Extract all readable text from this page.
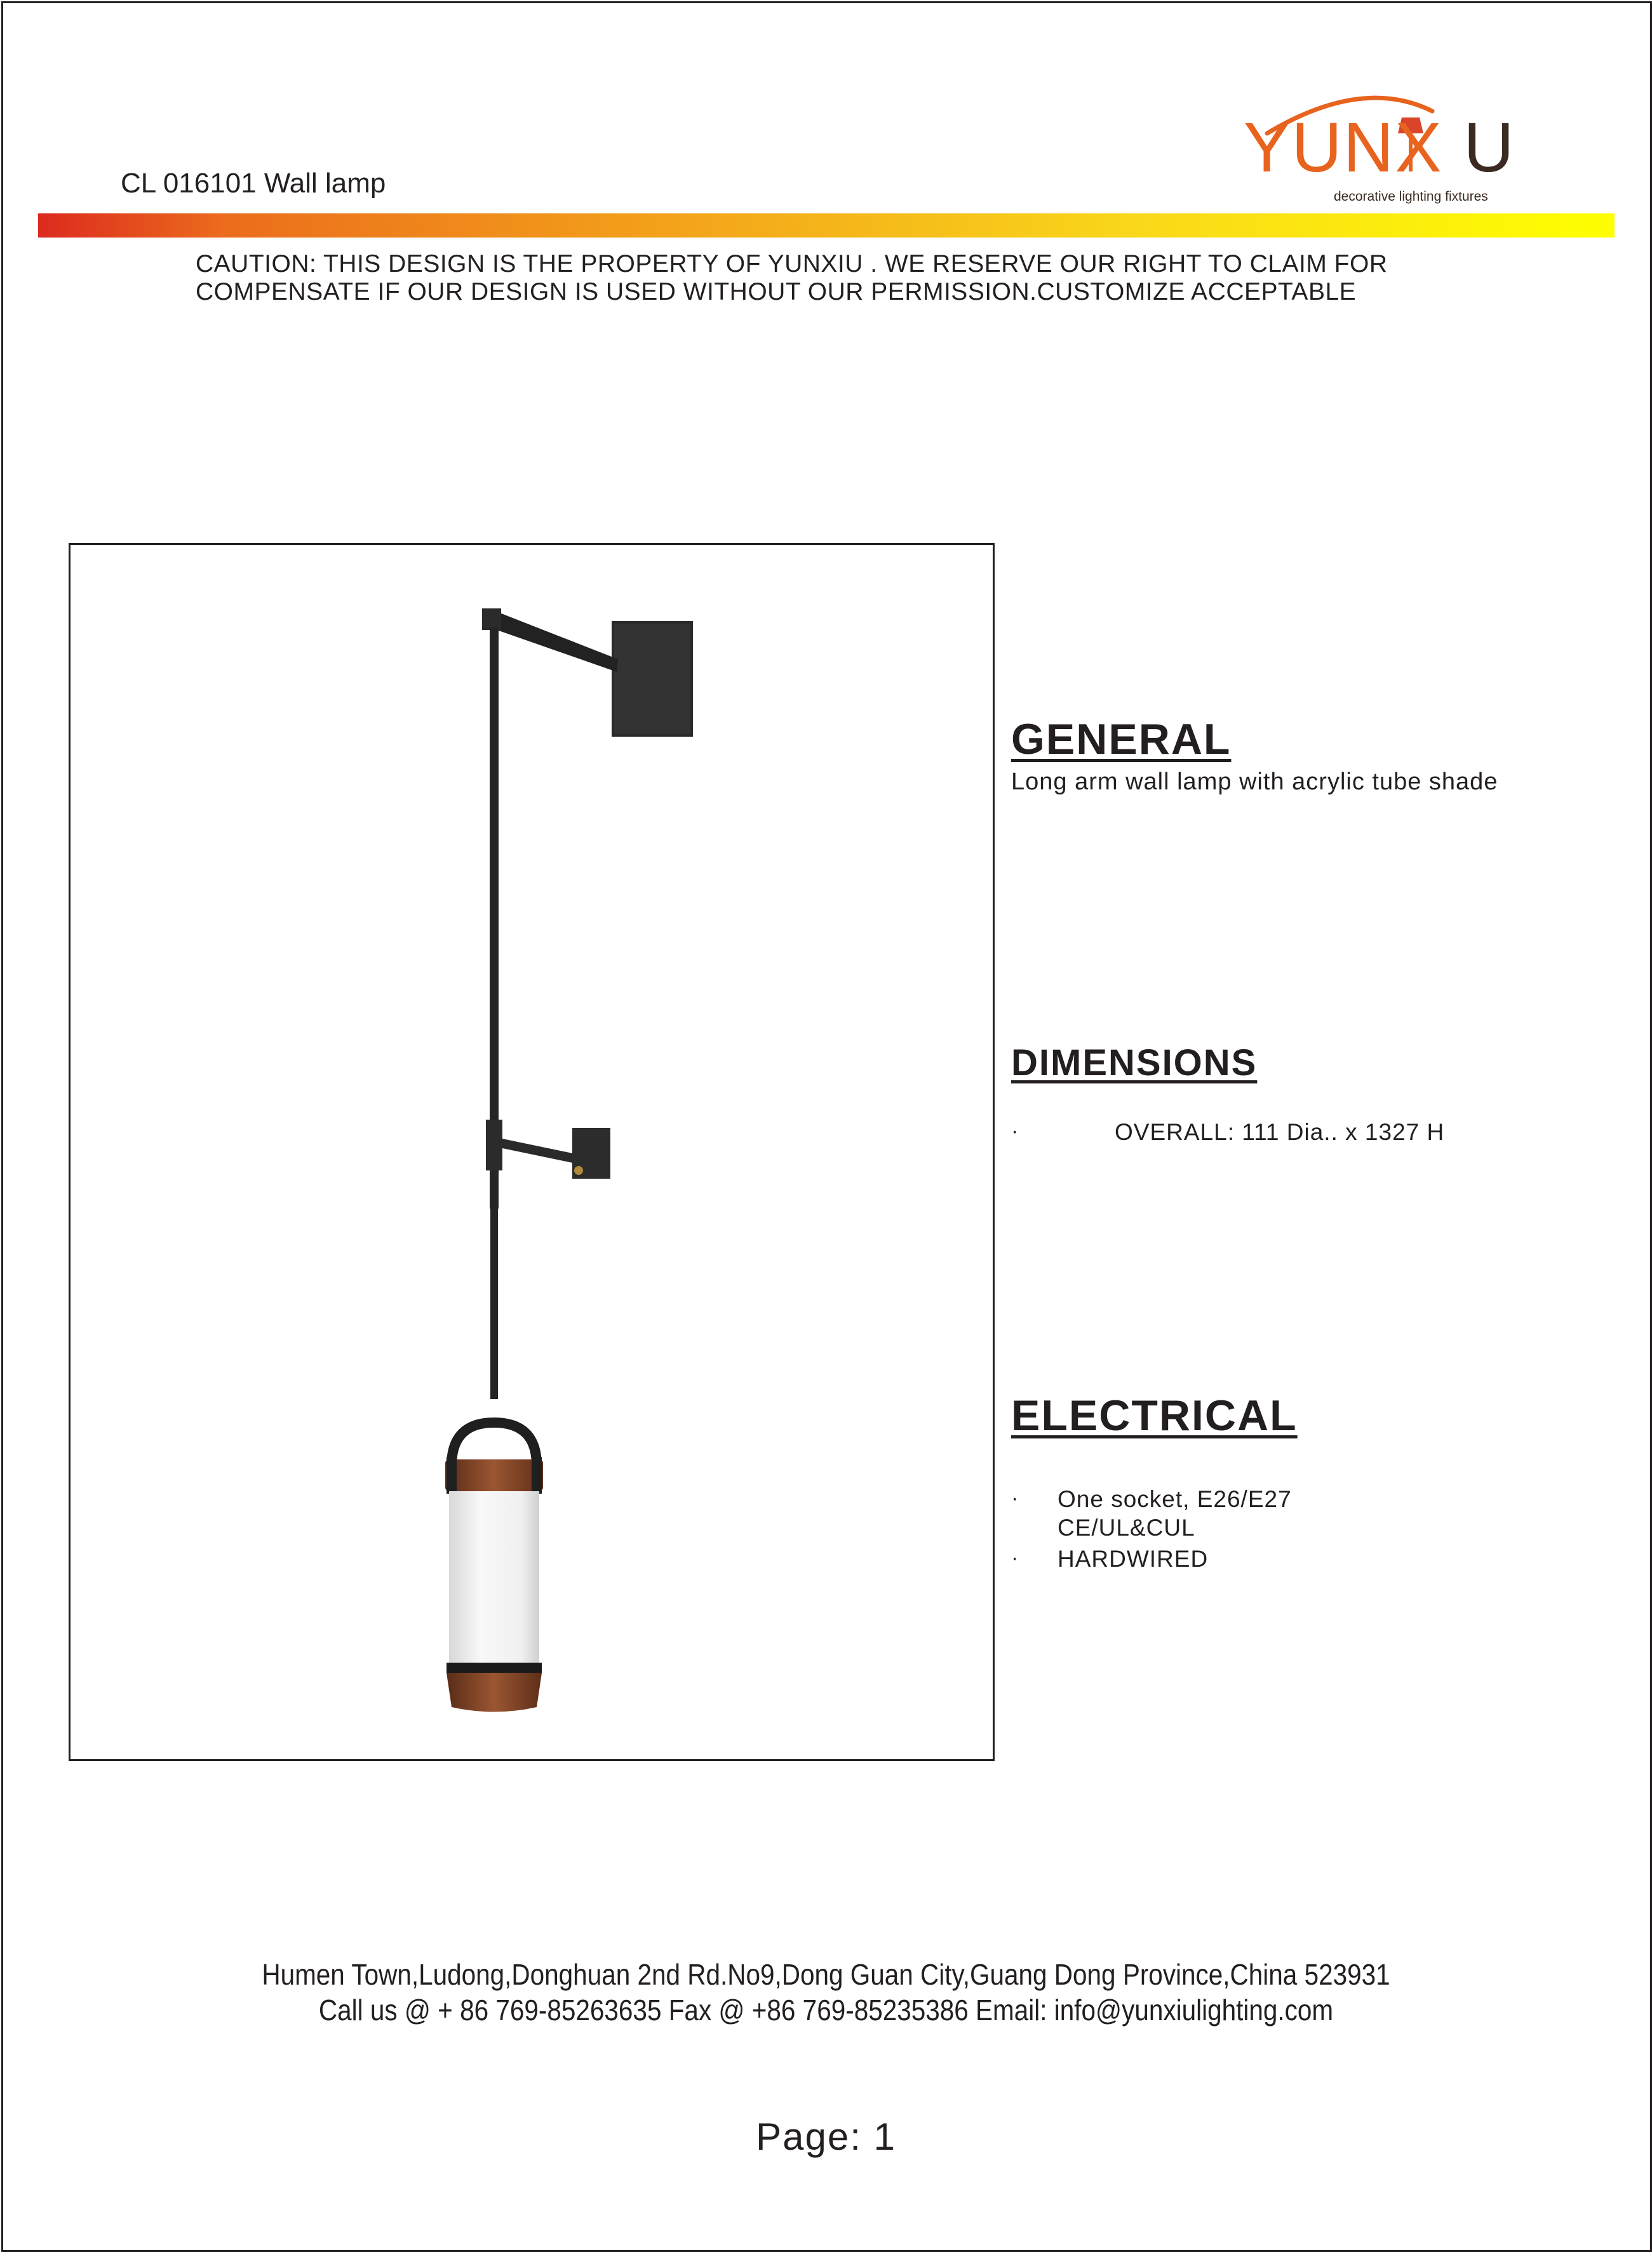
CL 016101 Wall lamp	YUNX U
decorative lighting fixtures
CAUTION: THIS DESIGN IS THE PROPERTY OF YUNXIU . WE RESERVE OUR RIGHT TO CLAIM FOR
COMPENSATE IF OUR DESIGN IS USED WITHOUT OUR PERMISSION.CUSTOMIZE ACCEPTABLE
GENERAL
Long arm wall lamp with acrylic tube shade
DIMENSIONS
·	OVERALL: 111 Dia.. x 1327 H
ELECTRICAL
· One socket, E26/E27
CE/UL&CUL
· HARDWIRED
Humen Town,Ludong,Donghuan 2nd Rd.No9,Dong Guan City,Guang Dong Province,China 523931
Call us @ + 86 769-85263635 Fax @ +86 769-85235386 Email: info@yunxiulighting.com
Page: 1
